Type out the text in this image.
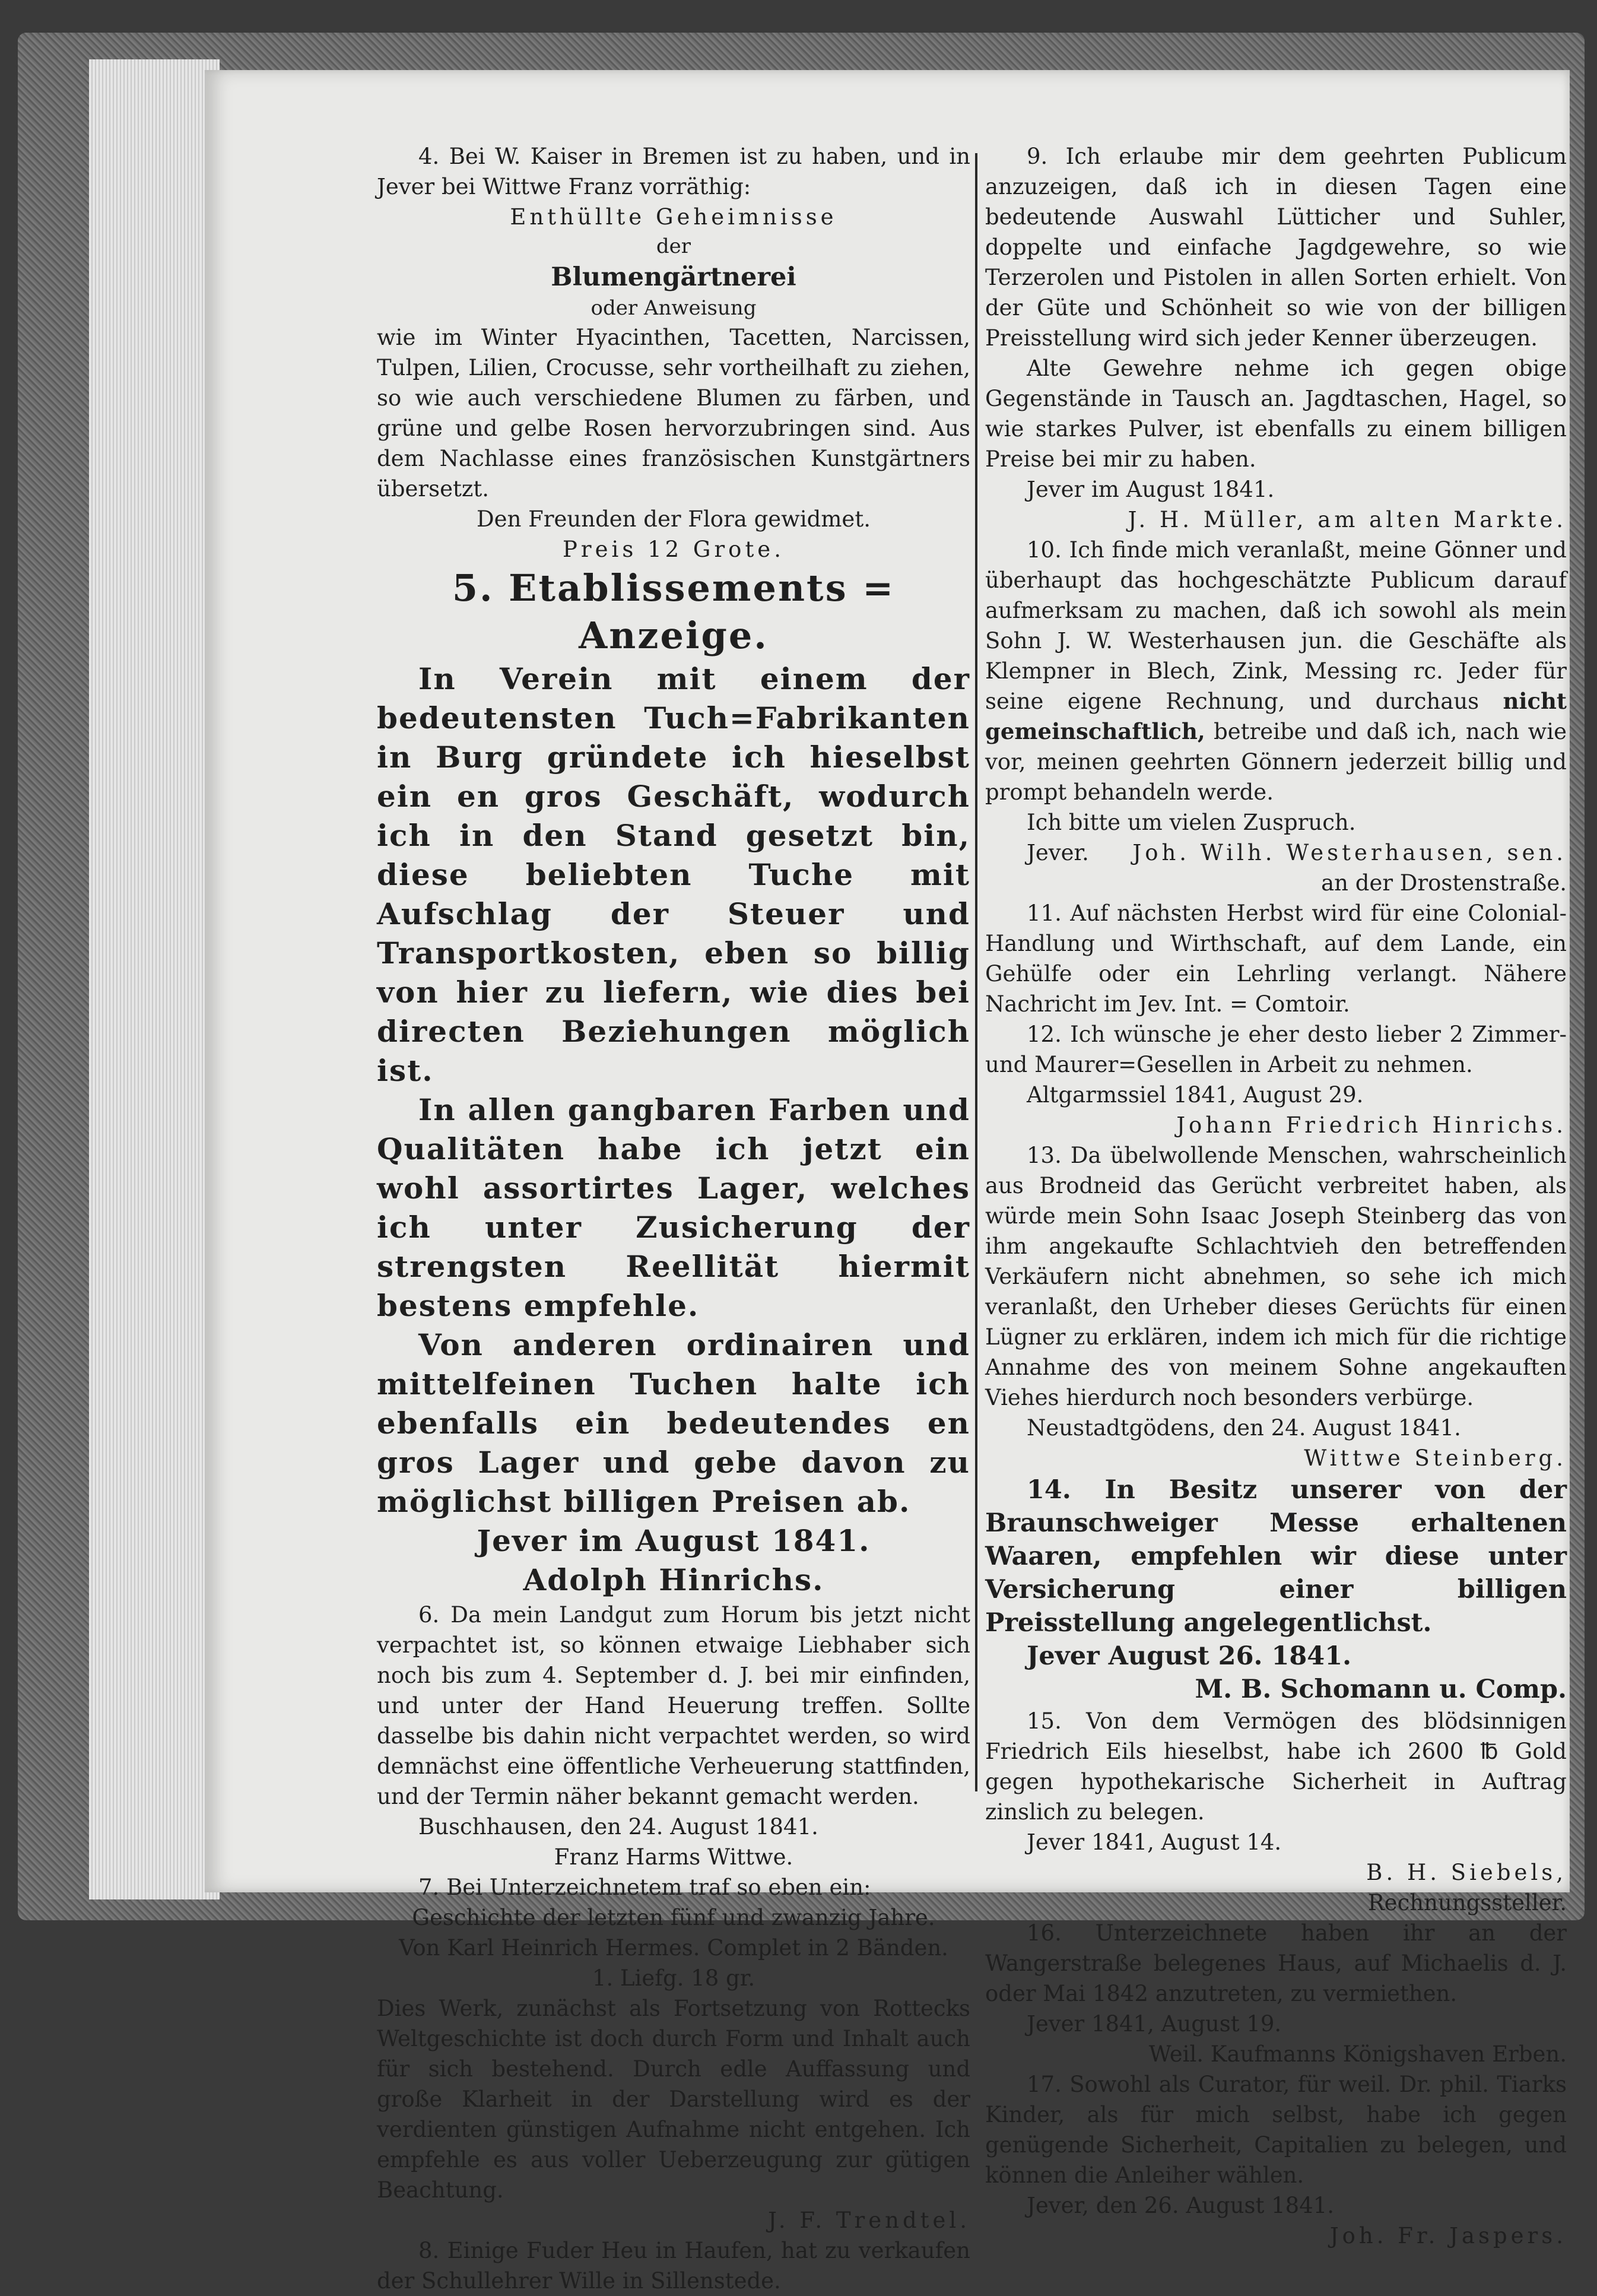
4. Bei W. Kaiser in Bremen ist zu haben, und in Jever bei Wittwe Franz vorräthig:

Enthüllte Geheimnisse

der

Blumengärtnerei

oder Anweisung

wie im Winter Hyacinthen, Tacetten, Narcissen, Tulpen, Lilien, Crocusse, sehr vortheilhaft zu ziehen, so wie auch verschiedene Blumen zu färben, und grüne und gelbe Rosen hervorzubringen sind. Aus dem Nachlasse eines französischen Kunstgärtners übersetzt.

Den Freunden der Flora gewidmet.

Preis 12 Grote.

5. Etablissements = Anzeige.

In Verein mit einem der bedeutensten Tuch=Fabrikanten in Burg gründete ich hieselbst ein en gros Geschäft, wodurch ich in den Stand gesetzt bin, diese beliebten Tuche mit Aufschlag der Steuer und Transportkosten, eben so billig von hier zu liefern, wie dies bei directen Beziehungen möglich ist.

In allen gangbaren Farben und Qualitäten habe ich jetzt ein wohl assortirtes Lager, welches ich unter Zusicherung der strengsten Reellität hiermit bestens empfehle.

Von anderen ordinairen und mittelfeinen Tuchen halte ich ebenfalls ein bedeutendes en gros Lager und gebe davon zu möglichst billigen Preisen ab.

Jever im August 1841.

Adolph Hinrichs.

6. Da mein Landgut zum Horum bis jetzt nicht verpachtet ist, so können etwaige Liebhaber sich noch bis zum 4. September d. J. bei mir einfinden, und unter der Hand Heuerung treffen. Sollte dasselbe bis dahin nicht verpachtet werden, so wird demnächst eine öffentliche Verheuerung stattfinden, und der Termin näher bekannt gemacht werden.

Buschhausen, den 24. August 1841.

Franz Harms Wittwe.

7. Bei Unterzeichnetem traf so eben ein:

Geschichte der letzten fünf und zwanzig Jahre.

Von Karl Heinrich Hermes. Complet in 2 Bänden.

1. Liefg. 18 gr.

Dies Werk, zunächst als Fortsetzung von Rottecks Weltgeschichte ist doch durch Form und Inhalt auch für sich bestehend. Durch edle Auffassung und große Klarheit in der Darstellung wird es der verdienten günstigen Aufnahme nicht entgehen. Ich empfehle es aus voller Ueberzeugung zur gütigen Beachtung.

J. F. Trendtel.

8. Einige Fuder Heu in Haufen, hat zu verkaufen der Schullehrer Wille in Sillenstede.

9. Ich erlaube mir dem geehrten Publicum anzuzeigen, daß ich in diesen Tagen eine bedeutende Auswahl Lütticher und Suhler, doppelte und einfache Jagdgewehre, so wie Terzerolen und Pistolen in allen Sorten erhielt. Von der Güte und Schönheit so wie von der billigen Preisstellung wird sich jeder Kenner überzeugen.

Alte Gewehre nehme ich gegen obige Gegenstände in Tausch an. Jagdtaschen, Hagel, so wie starkes Pulver, ist ebenfalls zu einem billigen Preise bei mir zu haben.

Jever im August 1841.

J. H. Müller, am alten Markte.

10. Ich finde mich veranlaßt, meine Gönner und überhaupt das hochgeschätzte Publicum darauf aufmerksam zu machen, daß ich sowohl als mein Sohn J. W. Westerhausen jun. die Geschäfte als Klempner in Blech, Zink, Messing rc. Jeder für seine eigene Rechnung, und durchaus nicht gemeinschaftlich, betreibe und daß ich, nach wie vor, meinen geehrten Gönnern jederzeit billig und prompt behandeln werde.

Ich bitte um vielen Zuspruch.

Jever. Joh. Wilh. Westerhausen, sen.

an der Drostenstraße.

11. Auf nächsten Herbst wird für eine Colonial-Handlung und Wirthschaft, auf dem Lande, ein Gehülfe oder ein Lehrling verlangt. Nähere Nachricht im Jev. Int. = Comtoir.

12. Ich wünsche je eher desto lieber 2 Zimmer- und Maurer=Gesellen in Arbeit zu nehmen.

Altgarmssiel 1841, August 29.

Johann Friedrich Hinrichs.

13. Da übelwollende Menschen, wahrscheinlich aus Brodneid das Gerücht verbreitet haben, als würde mein Sohn Isaac Joseph Steinberg das von ihm angekaufte Schlachtvieh den betreffenden Verkäufern nicht abnehmen, so sehe ich mich veranlaßt, den Urheber dieses Gerüchts für einen Lügner zu erklären, indem ich mich für die richtige Annahme des von meinem Sohne angekauften Viehes hierdurch noch besonders verbürge.

Neustadtgödens, den 24. August 1841.

Wittwe Steinberg.

14. In Besitz unserer von der Braunschweiger Messe erhaltenen Waaren, empfehlen wir diese unter Versicherung einer billigen Preisstellung angelegentlichst.

Jever August 26. 1841.

M. B. Schomann u. Comp.

15. Von dem Vermögen des blödsinnigen Friedrich Eils hieselbst, habe ich 2600 ℔ Gold gegen hypothekarische Sicherheit in Auftrag zinslich zu belegen.

Jever 1841, August 14.

B. H. Siebels,

Rechnungssteller.

16. Unterzeichnete haben ihr an der Wangerstraße belegenes Haus, auf Michaelis d. J. oder Mai 1842 anzutreten, zu vermiethen.

Jever 1841, August 19.

Weil. Kaufmanns Königshaven Erben.

17. Sowohl als Curator, für weil. Dr. phil. Tiarks Kinder, als für mich selbst, habe ich gegen genügende Sicherheit, Capitalien zu belegen, und können die Anleiher wählen.

Jever, den 26. August 1841.

Joh. Fr. Jaspers.
